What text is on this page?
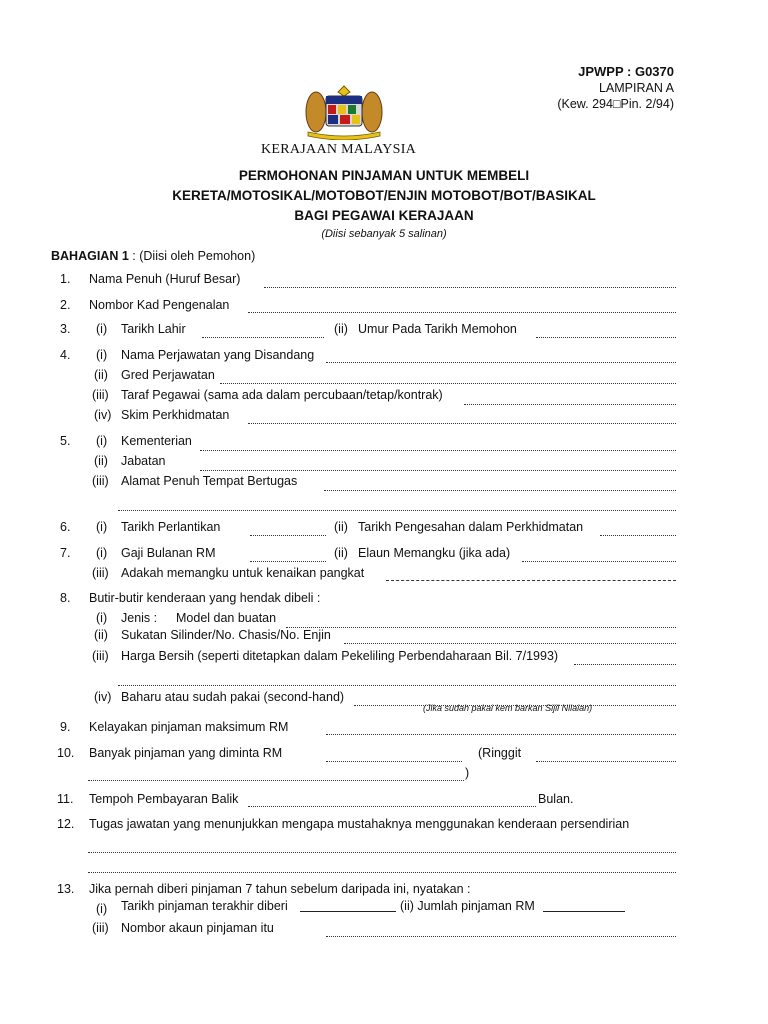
JPWPP : G0370
LAMPIRAN A
(Kew. 294□Pin. 2/94)
KERAJAAN MALAYSIA
PERMOHONAN PINJAMAN UNTUK MEMBELI
KERETA/MOTOSIKAL/MOTOBOT/ENJIN MOTOBOT/BOT/BASIKAL
BAGI PEGAWAI KERAJAAN
(Diisi sebanyak 5 salinan)
BAHAGIAN 1 : (Diisi oleh Pemohon)
1. Nama Penuh (Huruf Besar)
2. Nombor Kad Pengenalan
3. (i) Tarikh Lahir	(ii) Umur Pada Tarikh Memohon
4. (i) Nama Perjawatan yang Disandang
(ii) Gred Perjawatan
(iii) Taraf Pegawai (sama ada dalam percubaan/tetap/kontrak)
(iv) Skim Perkhidmatan
5. (i) Kementerian
(ii) Jabatan
(iii) Alamat Penuh Tempat Bertugas
6. (i) Tarikh Perlantikan	(ii) Tarikh Pengesahan dalam Perkhidmatan
7. (i) Gaji Bulanan RM	(ii) Elaun Memangku (jika ada)
(iii) Adakah memangku untuk kenaikan pangkat
8. Butir-butir kenderaan yang hendak dibeli :
(i) Jenis : Model dan buatan
(ii) Sukatan Silinder/No. Chasis/No. Enjin
(iii) Harga Bersih (seperti ditetapkan dalam Pekeliling Perbendaharaan Bil. 7/1993)
(iv) Baharu atau sudah pakai (second-hand)
(Jika sudah pakai kem barkan Sijil Nilaian)
9. Kelayakan pinjaman maksimum RM
10. Banyak pinjaman yang diminta RM	(Ringgit
)
11. Tempoh Pembayaran Balik	Bulan.
12. Tugas jawatan yang menunjukkan mengapa mustahaknya menggunakan kenderaan persendirian
13. Jika pernah diberi pinjaman 7 tahun sebelum daripada ini, nyatakan :
(i) Tarikh pinjaman terakhir diberi	(ii) Jumlah pinjaman RM
(iii) Nombor akaun pinjaman itu
